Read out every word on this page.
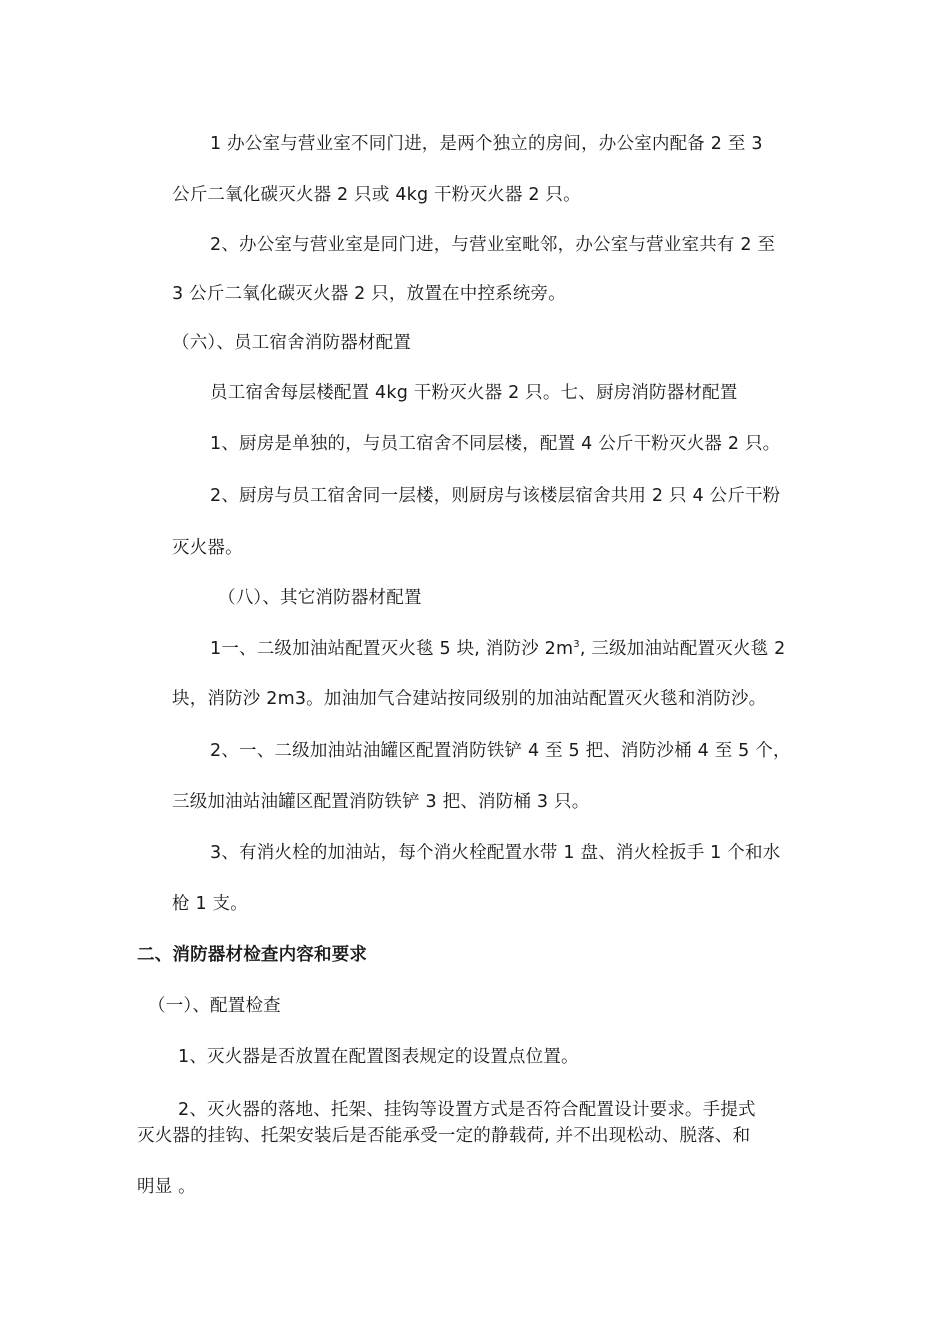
1 办公室与营业室不同门进，是两个独立的房间，办公室内配备 2 至 3
公斤二氧化碳灭火器 2 只或 4kg 干粉灭火器 2 只。
2、办公室与营业室是同门进，与营业室毗邻，办公室与营业室共有 2 至
3 公斤二氧化碳灭火器 2 只，放置在中控系统旁。
（六）、员工宿舍消防器材配置
员工宿舍每层楼配置 4kg 干粉灭火器 2 只。七、厨房消防器材配置
1、厨房是单独的，与员工宿舍不同层楼，配置 4 公斤干粉灭火器 2 只。
2、厨房与员工宿舍同一层楼，则厨房与该楼层宿舍共用 2 只 4 公斤干粉
灭火器。
（八）、其它消防器材配置
1一、二级加油站配置灭火毯 5 块, 消防沙 $2m^3$, 三级加油站配置灭火毯 2
块，消防沙 2m3。加油加气合建站按同级别的加油站配置灭火毯和消防沙。
2、一、二级加油站油罐区配置消防铁铲 4 至 5 把、消防沙桶 4 至 5 个，
三级加油站油罐区配置消防铁铲 3 把、消防桶 3 只。
3、有消火栓的加油站，每个消火栓配置水带 1 盘、消火栓扳手 1 个和水
枪 1 支。
二、消防器材检查内容和要求
（一）、配置检查
1、灭火器是否放置在配置图表规定的设置点位置。
2、灭火器的落地、托架、挂钩等设置方式是否符合配置设计要求。手提式
灭火器的挂钩、托架安装后是否能承受一定的静载荷, 并不出现松动、脱落、和
明显 。
